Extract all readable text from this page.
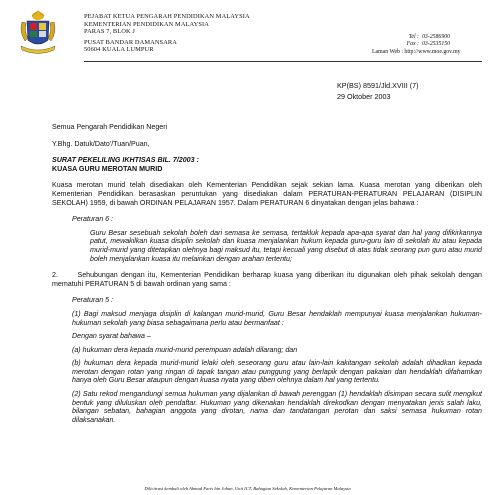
PEJABAT KETUA PENGARAH PENDIDIKAN MALAYSIA
KEMENTERIAN PENDIDIKAN MALAYSIA
PARAS 7, BLOK J
PUSAT BANDAR DAMANSARA
50604 KUALA LUMPUR
Tel : 03-2586900
Fax : 03-2535150
Laman Web : http://www.moe.gov.my
KP(BS) 8591/Jld.XVIII (7)
29 Oktober 2003

Semua Pengarah Pendidikan Negeri

Y.Bhg. Datuk/Dato'/Tuan/Puan,

SURAT PEKELILING IKHTISAS BIL. 7/2003 :

KUASA GURU MEROTAN MURID

Kuasa merotan murid telah disediakan oleh Kementerian Pendidikan sejak sekian lama. Kuasa merotan yang diberikan oleh Kementerian Pendidikan berasaskan peruntukan yang disediakan dalam PERATURAN-PERATURAN PELAJARAN (DISIPLIN SEKOLAH) 1959, di bawah ORDINAN PELAJARAN 1957. Dalam PERATURAN 6 dinyatakan dengan jelas bahawa :

Peraturan 6 :

Guru Besar sesebuah sekolah boleh dari semasa ke semasa, tertakluk kepada apa-apa syarat dan hal yang difikirkannya patut, mewakilkan kuasa disiplin sekolah dan kuasa menjalankan hukum kepada guru-guru lain di sekolah itu atau kepada murid-murid yang ditetapkan olehnya bagi maksud itu, tetapi kecuali yang disebut di atas tidak seorang pun guru atau murid boleh menjalankan kuasa itu melainkan dengan arahan tertentu;

2.	Sehubungan dengan itu, Kementerian Pendidikan berharap kuasa yang diberikan itu digunakan oleh pihak sekolah dengan mematuhi PERATURAN 5 di bawah ordinan yang sama :

Peraturan 5 :

(1) Bagi maksud menjaga disiplin di kalangan murid-murid, Guru Besar hendaklah mempunyai kuasa menjalankan hukuman-hukuman sekolah yang biasa sebagaimana perlu atau bermanfaat :

Dengan syarat bahawa –

(a) hukuman dera kepada murid-murid perempuan adalah dilarang; dan

(b) hukuman dera kepada murid-murid lelaki oleh seseorang guru atau lain-lain kakitangan sekolah adalah dihadkan kepada merotan dengan rotan yang ringan di tapak tangan atau punggung yang berlapik dengan pakaian dan hendaklah difahamkan hanya oleh Guru Besar ataupun dengan kuasa nyata yang diberi olehnya dalam hal yang tertentu.

(2) Satu rekod mengandungi semua hukuman yang dijalankan di bawah perenggan (1) hendaklah disimpan secara sulit mengikut bentuk yang diluluskan oleh pendaftar. Hukuman yang dikenakan hendaklah direkodkan dengan menyatakan jenis salah laku, bilangan sebatan, bahagian anggota yang dirotan, nama dan tandatangan perotan dan saksi semasa hukuman rotan dilaksanakan.

Dilicitrasi kembali oleh Ahmad Faris bin Johan, Unit ICT, Bahagian Sekolah, Kementerian Pelajaran Malaysia
